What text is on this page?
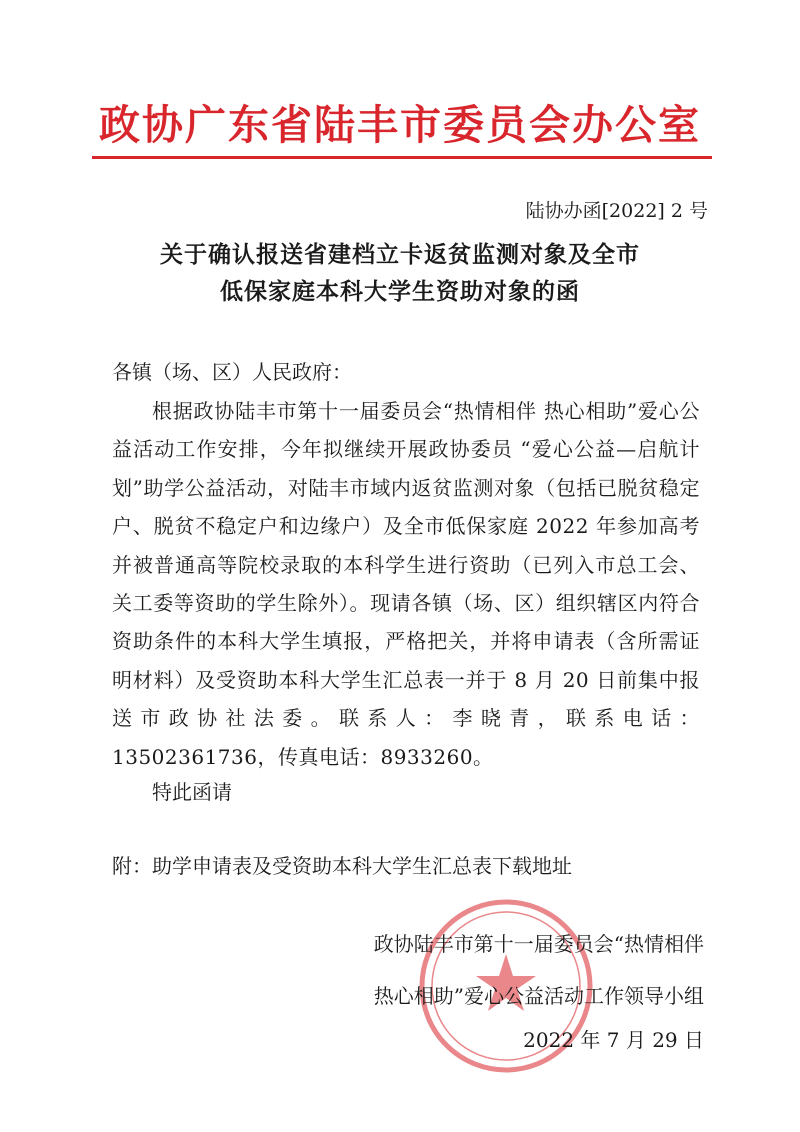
政协广东省陆丰市委员会办公室
陆协办函[2022] 2 号
关于确认报送省建档立卡返贫监测对象及全市
低保家庭本科大学生资助对象的函
各镇（场、区）人民政府：

根据政协陆丰市第十一届委员会“热情相伴 热心相助”爱心公益活动工作安排，今年拟继续开展政协委员 “爱心公益—启航计划”助学公益活动，对陆丰市域内返贫监测对象（包括已脱贫稳定户、脱贫不稳定户和边缘户）及全市低保家庭 2022 年参加高考并被普通高等院校录取的本科学生进行资助（已列入市总工会、关工委等资助的学生除外）。现请各镇（场、区）组织辖区内符合资助条件的本科大学生填报，严格把关，并将申请表（含所需证明材料）及受资助本科大学生汇总表一并于 8 月 20 日前集中报送市政协社法委。联系人：李晓青，联系电话：13502361736，传真电话：8933260。

特此函请
附：助学申请表及受资助本科大学生汇总表下载地址
政协陆丰市第十一届委员会“热情相伴
热心相助”爱心公益活动工作领导小组
2022 年 7 月 29 日
